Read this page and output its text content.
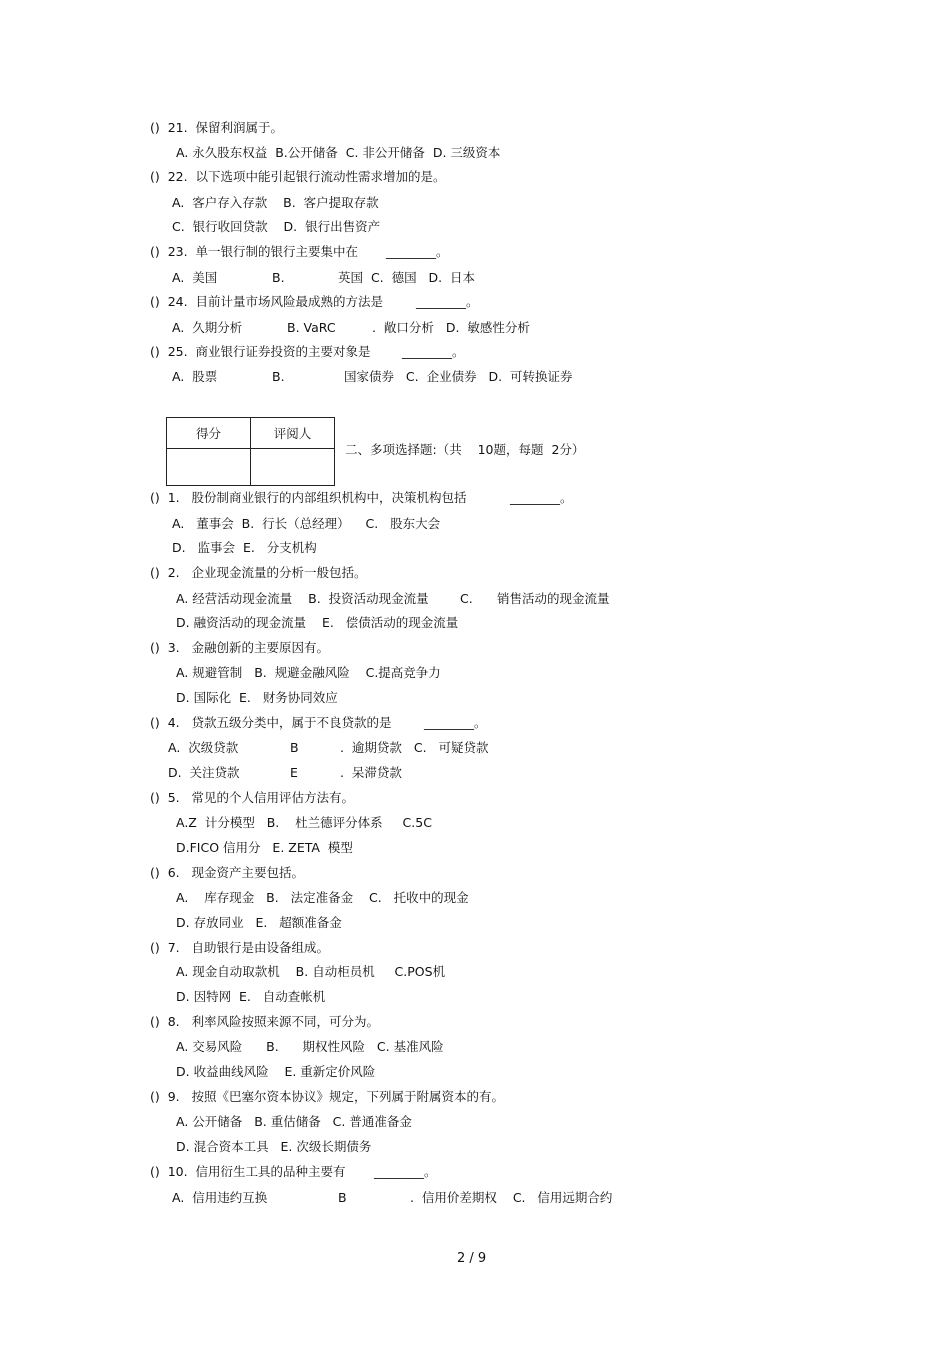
()  21.  保留利润属于。
A. 永久股东权益  B.公开储备  C. 非公开储备  D. 三级资本
()  22.  以下选项中能引起银行流动性需求增加的是。
A.  客户存入存款    B.  客户提取存款
C.  银行收回贷款    D.  银行出售资产
()  23.  单一银行制的银行主要集中在 ________。
A.  美国	B.	英国  C.  德国   D.  日本
()  24.  目前计量市场风险最成熟的方法是	________。
A.  久期分析	B. VaRC	.  敞口分析   D.  敏感性分析
()  25.  商业银行证券投资的主要对象是	________。
A.  股票	B.	国家债券   C.  企业债券   D.  可转换证券
得分	评阅人

二、多项选择题:（共    10题，每题  2分）
()  1.   股份制商业银行的内部组织机构中，决策机构包括	________。
A.   董事会  B.  行长（总经理）    C.   股东大会
D.   监事会  E.   分支机构
()  2.   企业现金流量的分析一般包括。
A. 经营活动现金流量    B.  投资活动现金流量	C. 销售活动的现金流量
D. 融资活动的现金流量    E.   偿债活动的现金流量
()  3.   金融创新的主要原因有。
A. 规避管制   B.  规避金融风险    C.提高竞争力
D. 国际化  E.   财务协同效应
()  4.   贷款五级分类中，属于不良贷款的是	________。
A.  次级贷款	B	.  逾期贷款   C.   可疑贷款
D.  关注贷款	E	.  呆滞贷款
()  5.   常见的个人信用评估方法有。
A.Z  计分模型   B.    杜兰德评分体系     C.5C
D.FICO 信用分   E. ZETA  模型
()  6.   现金资产主要包括。
A.    库存现金   B.   法定准备金    C.   托收中的现金
D. 存放同业   E.   超额准备金
()  7.   自助银行是由设备组成。
A. 现金自动取款机    B. 自动柜员机     C.POS机
D. 因特网  E.   自动查帐机
()  8.   利率风险按照来源不同，可分为。
A. 交易风险      B.      期权性风险   C. 基准风险
D. 收益曲线风险    E. 重新定价风险
()  9.   按照《巴塞尔资本协议》规定，下列属于附属资本的有。
A. 公开储备   B. 重估储备   C. 普通准备金
D. 混合资本工具   E. 次级长期债务
()  10.  信用衍生工具的品种主要有 ________。
A.  信用违约互换	B	.  信用价差期权    C.   信用远期合约
2 / 9
